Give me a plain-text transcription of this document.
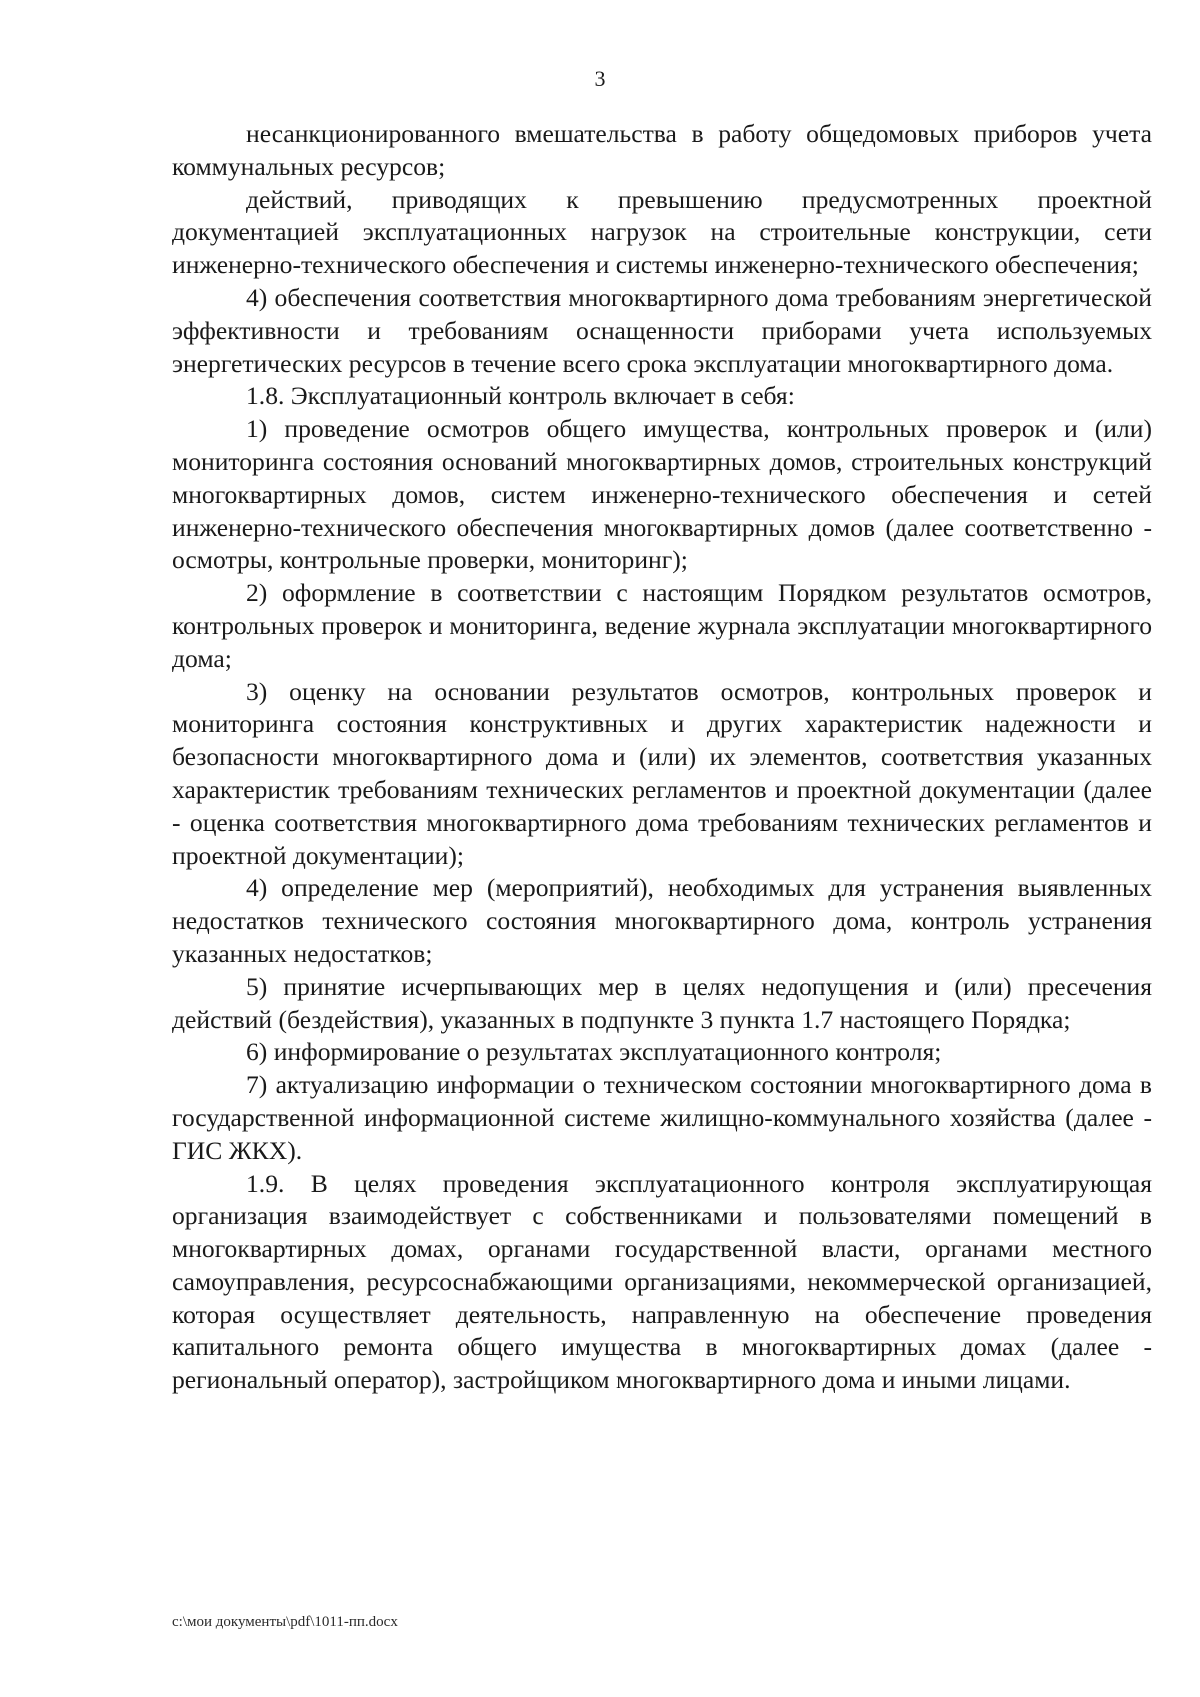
3

несанкционированного вмешательства в работу общедомовых приборов учета коммунальных ресурсов;

действий, приводящих к превышению предусмотренных проектной документацией эксплуатационных нагрузок на строительные конструкции, сети инженерно-технического обеспечения и системы инженерно-технического обеспечения;

4) обеспечения соответствия многоквартирного дома требованиям энергетической эффективности и требованиям оснащенности приборами учета используемых энергетических ресурсов в течение всего срока эксплуатации многоквартирного дома.

1.8. Эксплуатационный контроль включает в себя:

1) проведение осмотров общего имущества, контрольных проверок и (или) мониторинга состояния оснований многоквартирных домов, строительных конструкций многоквартирных домов, систем инженерно-технического обеспечения и сетей инженерно-технического обеспечения многоквартирных домов (далее соответственно - осмотры, контрольные проверки, мониторинг);

2) оформление в соответствии с настоящим Порядком результатов осмотров, контрольных проверок и мониторинга, ведение журнала эксплуатации многоквартирного дома;

3) оценку на основании результатов осмотров, контрольных проверок и мониторинга состояния конструктивных и других характеристик надежности и безопасности многоквартирного дома и (или) их элементов, соответствия указанных характеристик требованиям технических регламентов и проектной документации (далее - оценка соответствия многоквартирного дома требованиям технических регламентов и проектной документации);

4) определение мер (мероприятий), необходимых для устранения выявленных недостатков технического состояния многоквартирного дома, контроль устранения указанных недостатков;

5) принятие исчерпывающих мер в целях недопущения и (или) пресечения действий (бездействия), указанных в подпункте 3 пункта 1.7 настоящего Порядка;

6) информирование о результатах эксплуатационного контроля;

7) актуализацию информации о техническом состоянии многоквартирного дома в государственной информационной системе жилищно-коммунального хозяйства (далее - ГИС ЖКХ).

1.9. В целях проведения эксплуатационного контроля эксплуатирующая организация взаимодействует с собственниками и пользователями помещений в многоквартирных домах, органами государственной власти, органами местного самоуправления, ресурсоснабжающими организациями, некоммерческой организацией, которая осуществляет деятельность, направленную на обеспечение проведения капитального ремонта общего имущества в многоквартирных домах (далее - региональный оператор), застройщиком многоквартирного дома и иными лицами.

c:\мои документы\pdf\1011-пп.docx
